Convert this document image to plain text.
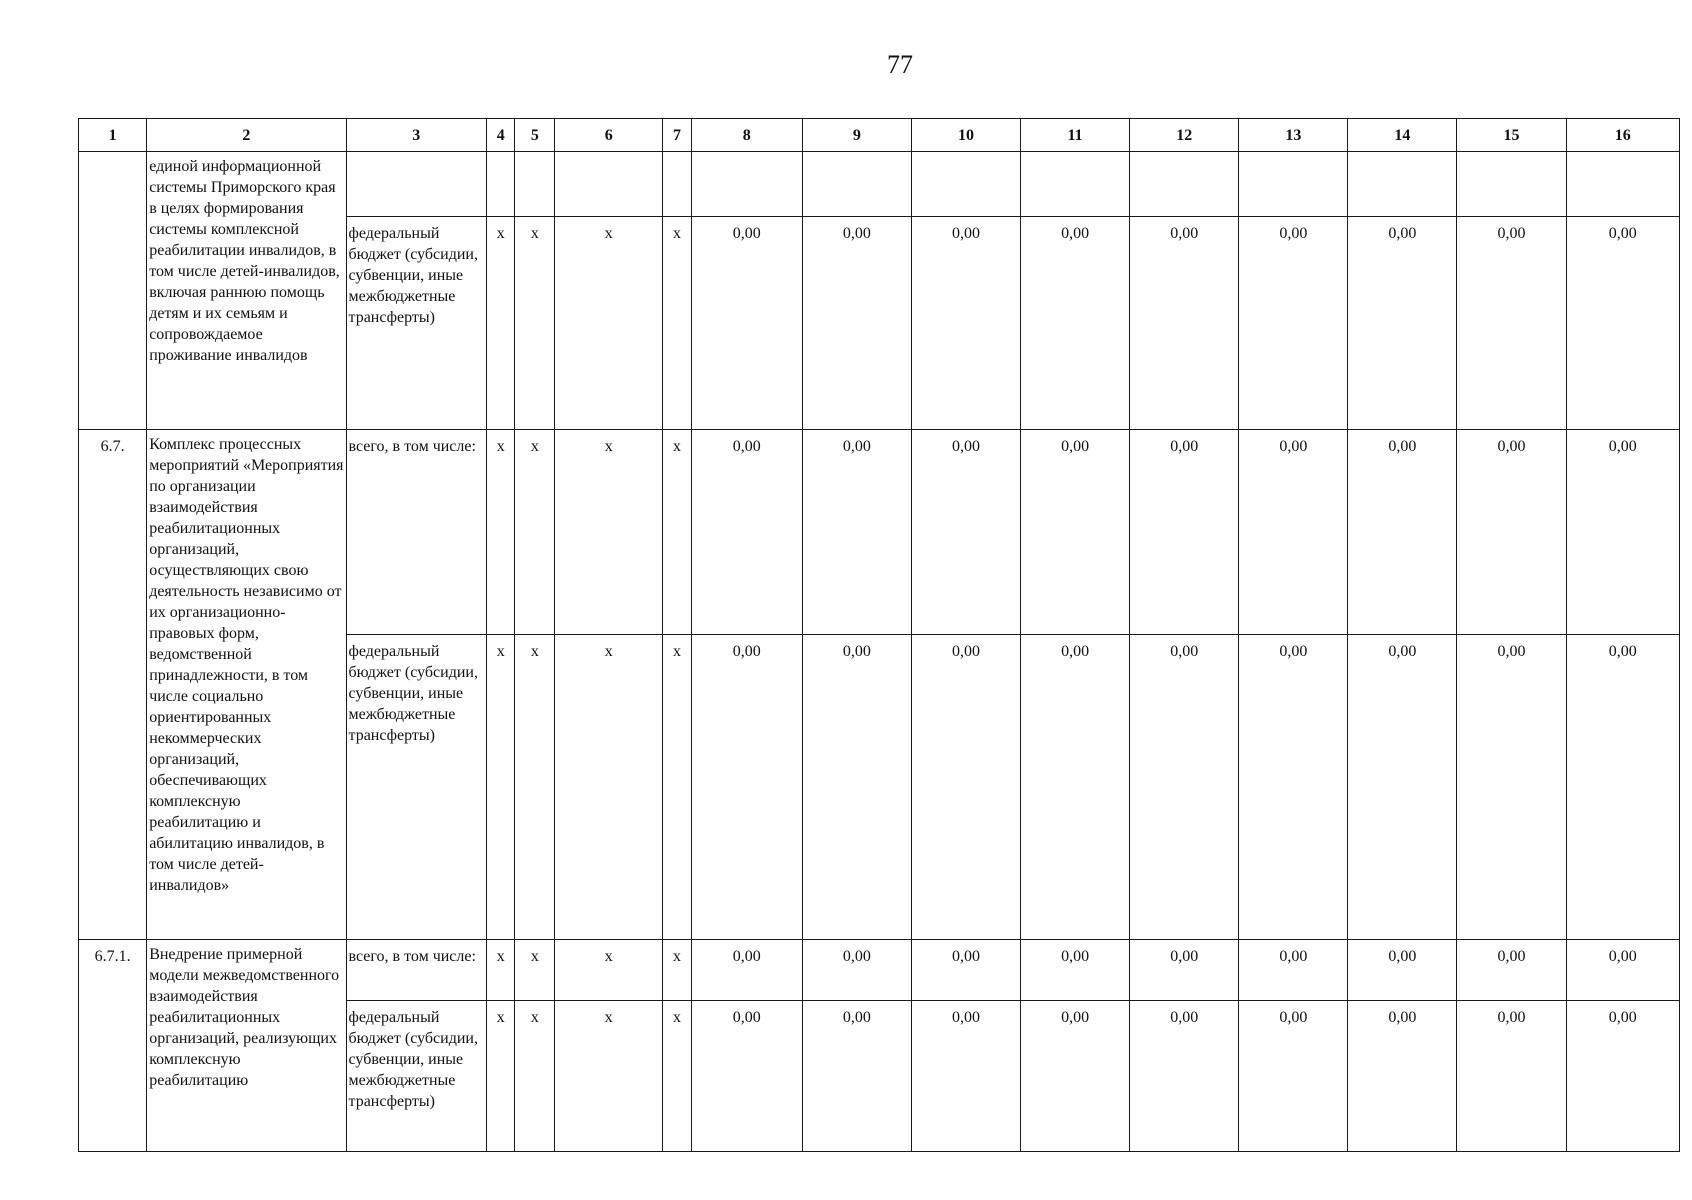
77
1	2	3	4	5	6	7	8	9	10	11	12	13	14	15	16
	единой информационной системы Приморского края в целях формирования системы комплексной реабилитации инвалидов, в том числе детей-инвалидов, включая раннюю помощь детям и их семьям и сопровождаемое проживание инвалидов														
		федеральный бюджет (субсидии, субвенции, иные межбюджетные трансферты)	x	x	x	x	0,00	0,00	0,00	0,00	0,00	0,00	0,00	0,00	0,00
6.7.	Комплекс процессных мероприятий «Мероприятия по организации взаимодействия реабилитационных организаций, осуществляющих свою деятельность независимо от их организационно-правовых форм, ведомственной принадлежности, в том числе социально ориентированных некоммерческих организаций, обеспечивающих комплексную реабилитацию и абилитацию инвалидов, в том числе детей-инвалидов»	всего, в том числе:	x	x	x	x	0,00	0,00	0,00	0,00	0,00	0,00	0,00	0,00	0,00
		федеральный бюджет (субсидии, субвенции, иные межбюджетные трансферты)	x	x	x	x	0,00	0,00	0,00	0,00	0,00	0,00	0,00	0,00	0,00
6.7.1.	Внедрение примерной модели межведомственного взаимодействия реабилитационных организаций, реализующих комплексную реабилитацию	всего, в том числе:	x	x	x	x	0,00	0,00	0,00	0,00	0,00	0,00	0,00	0,00	0,00
		федеральный бюджет (субсидии, субвенции, иные межбюджетные трансферты)	x	x	x	x	0,00	0,00	0,00	0,00	0,00	0,00	0,00	0,00	0,00
